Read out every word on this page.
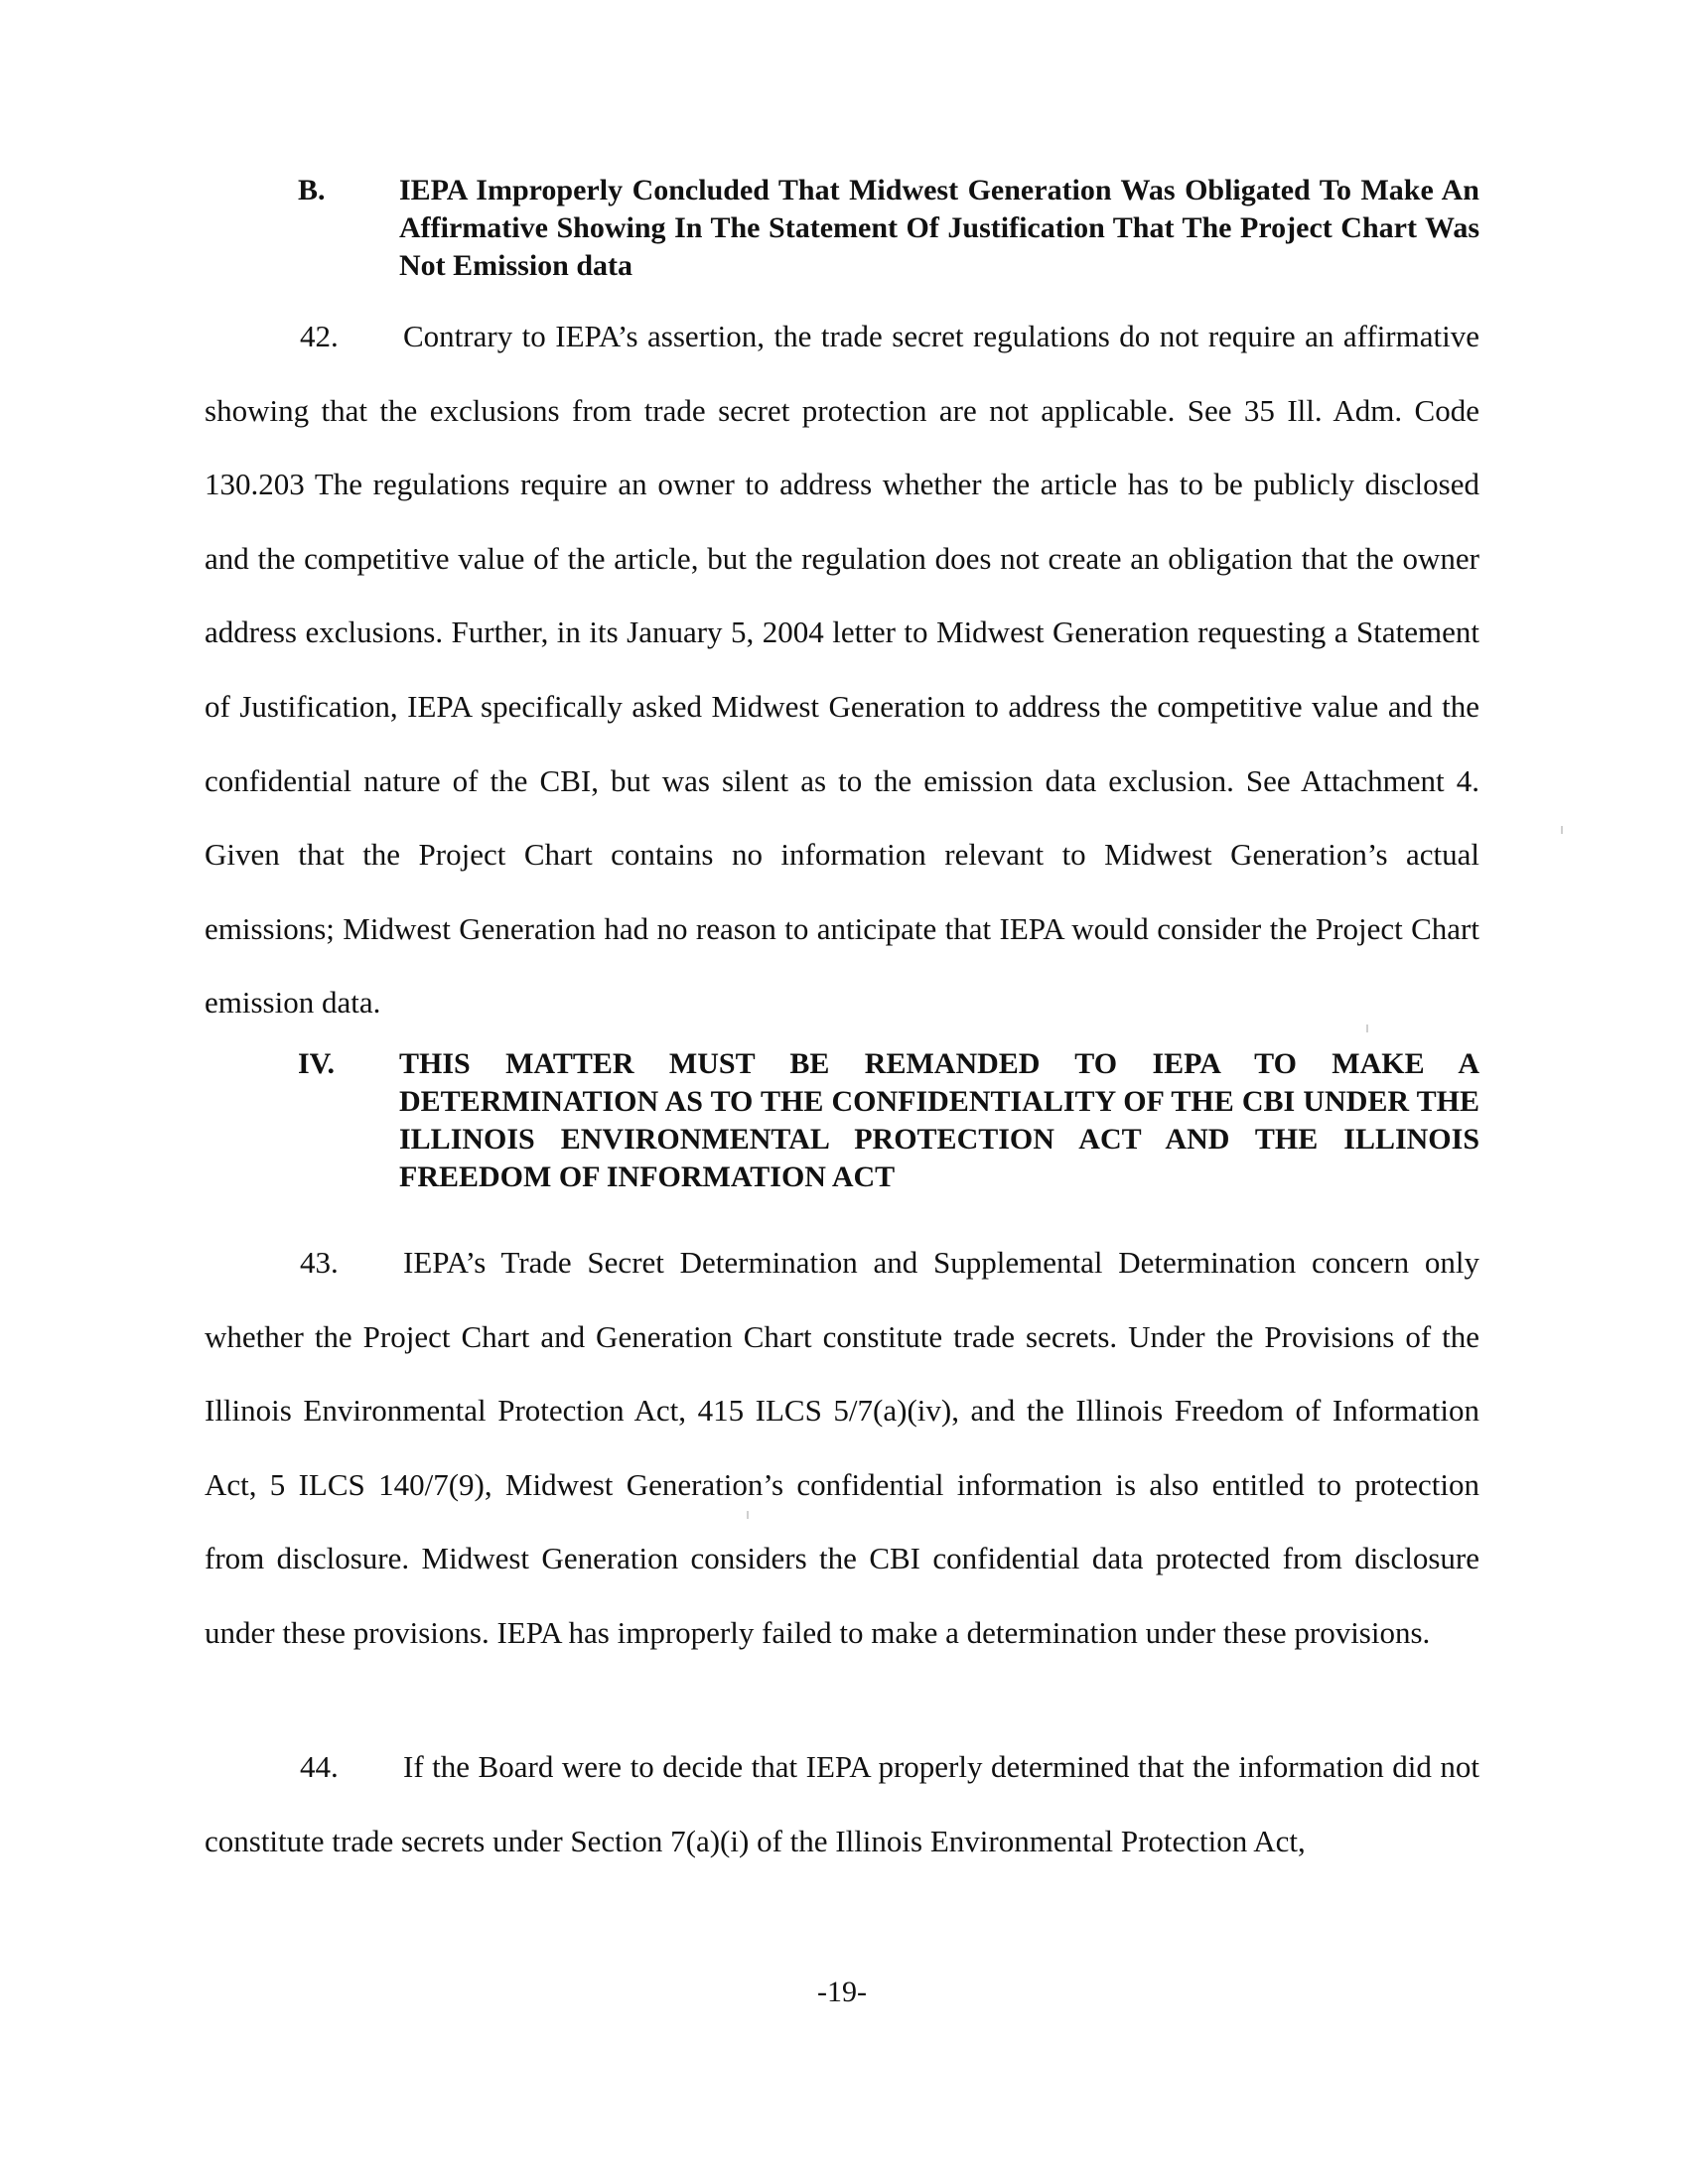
B. IEPA Improperly Concluded That Midwest Generation Was Obligated To Make An Affirmative Showing In The Statement Of Justification That The Project Chart Was Not Emission data
42. Contrary to IEPA’s assertion, the trade secret regulations do not require an affirmative showing that the exclusions from trade secret protection are not applicable. See 35 Ill. Adm. Code 130.203 The regulations require an owner to address whether the article has to be publicly disclosed and the competitive value of the article, but the regulation does not create an obligation that the owner address exclusions. Further, in its January 5, 2004 letter to Midwest Generation requesting a Statement of Justification, IEPA specifically asked Midwest Generation to address the competitive value and the confidential nature of the CBI, but was silent as to the emission data exclusion. See Attachment 4. Given that the Project Chart contains no information relevant to Midwest Generation’s actual emissions; Midwest Generation had no reason to anticipate that IEPA would consider the Project Chart emission data.
IV. THIS MATTER MUST BE REMANDED TO IEPA TO MAKE A DETERMINATION AS TO THE CONFIDENTIALITY OF THE CBI UNDER THE ILLINOIS ENVIRONMENTAL PROTECTION ACT AND THE ILLINOIS FREEDOM OF INFORMATION ACT
43. IEPA’s Trade Secret Determination and Supplemental Determination concern only whether the Project Chart and Generation Chart constitute trade secrets. Under the Provisions of the Illinois Environmental Protection Act, 415 ILCS 5/7(a)(iv), and the Illinois Freedom of Information Act, 5 ILCS 140/7(9), Midwest Generation’s confidential information is also entitled to protection from disclosure. Midwest Generation considers the CBI confidential data protected from disclosure under these provisions. IEPA has improperly failed to make a determination under these provisions.
44. If the Board were to decide that IEPA properly determined that the information did not constitute trade secrets under Section 7(a)(i) of the Illinois Environmental Protection Act,
-19-
